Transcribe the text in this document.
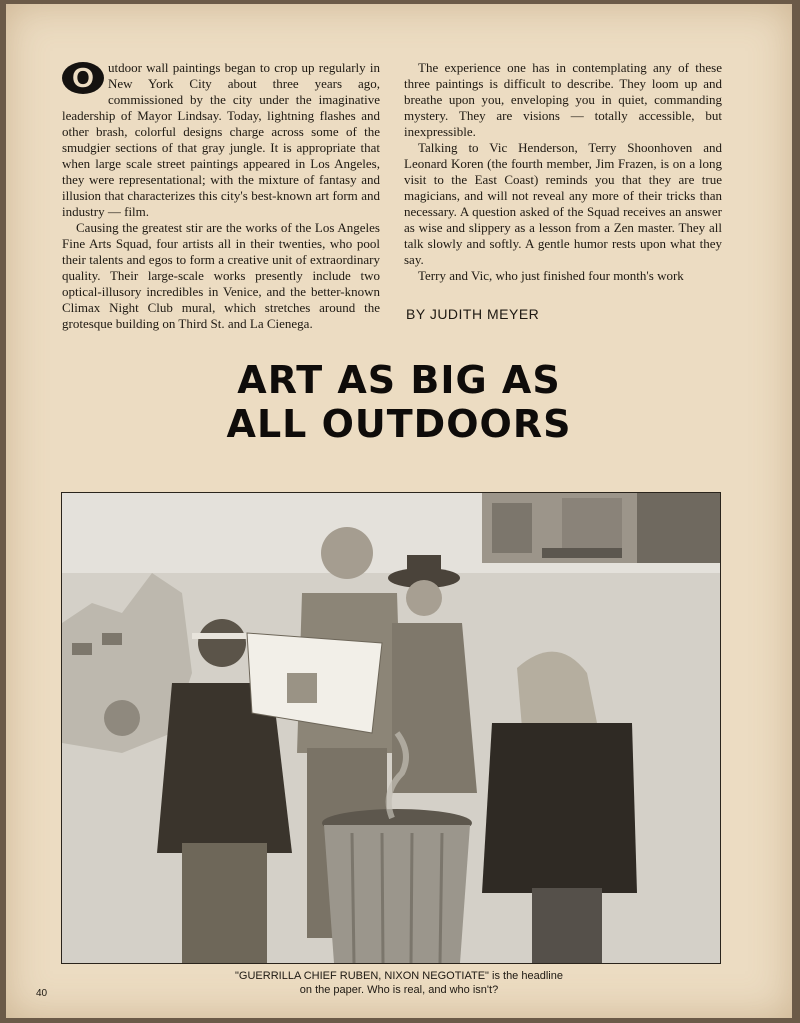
O	utdoor wall paintings began to crop up regularly in New York City about three years ago, commissioned by the city under the imaginative leadership of Mayor Lindsay. Today, lightning flashes and other brash, colorful designs charge across some of the smudgier sections of that gray jungle. It is appropriate that when large scale street paintings appeared in Los Angeles, they were representational; with the mixture of fantasy and illusion that characterizes this city's best-known art form and industry — film.

Causing the greatest stir are the works of the Los Angeles Fine Arts Squad, four artists all in their twenties, who pool their talents and egos to form a creative unit of extraordinary quality. Their large-scale works presently include two optical-illusory incredibles in Venice, and the better-known Climax Night Club mural, which stretches around the grotesque building on Third St. and La Cienega.

The experience one has in contemplating any of these three paintings is difficult to describe. They loom up and breathe upon you, enveloping you in quiet, commanding mystery. They are visions — totally accessible, but inexpressible.

Talking to Vic Henderson, Terry Shoonhoven and Leonard Koren (the fourth member, Jim Frazen, is on a long visit to the East Coast) reminds you that they are true magicians, and will not reveal any more of their tricks than necessary. A question asked of the Squad receives an answer as wise and slippery as a lesson from a Zen master. They all talk slowly and softly. A gentle humor rests upon what they say.

Terry and Vic, who just finished four month's work

BY JUDITH MEYER
ART AS BIG AS
ALL OUTDOORS
"GUERRILLA CHIEF RUBEN, NIXON NEGOTIATE" is the headline
on the paper. Who is real, and who isn't?
40
